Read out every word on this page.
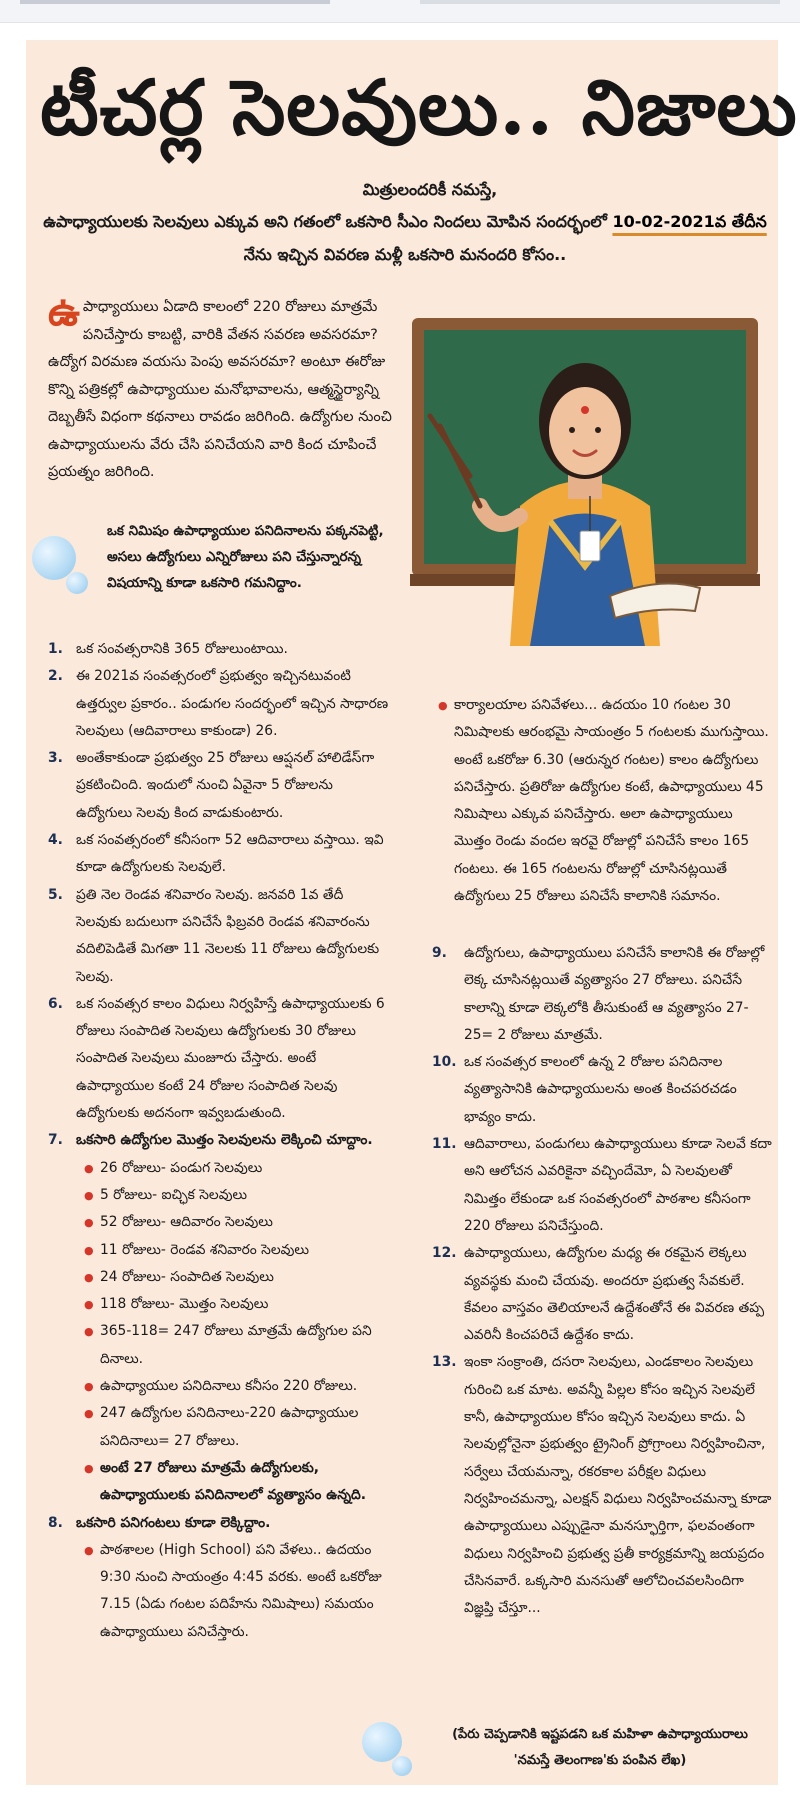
టీచర్ల సెలవులు.. నిజాలు
మిత్రులందరికీ నమస్తే,
ఉపాధ్యాయులకు సెలవులు ఎక్కువ అని గతంలో ఒకసారి సీఎం నిందలు మోపిన సందర్భంలో 10-02-2021వ తేదీన నేను ఇచ్చిన వివరణ మళ్లీ ఒకసారి మనందరి కోసం..

ఉపాధ్యాయులు ఏడాది కాలంలో 220 రోజులు మాత్రమే పనిచేస్తారు కాబట్టి, వారికి వేతన సవరణ అవసరమా? ఉద్యోగ విరమణ వయసు పెంపు అవసరమా? అంటూ ఈరోజు కొన్ని పత్రికల్లో ఉపాధ్యాయుల మనోభావాలను, ఆత్మస్థైర్యాన్ని దెబ్బతీసే విధంగా కథనాలు రావడం జరిగింది. ఉద్యోగుల నుంచి ఉపాధ్యాయులను వేరు చేసి పనిచేయని వారి కింద చూపించే ప్రయత్నం జరిగింది.

ఒక నిమిషం ఉపాధ్యాయుల పనిదినాలను పక్కనపెట్టి, అసలు ఉద్యోగులు ఎన్నిరోజులు పని చేస్తున్నారన్న విషయాన్ని కూడా ఒకసారి గమనిద్దాం.

1. ఒక సంవత్సరానికి 365 రోజులుంటాయి.
2. ఈ 2021వ సంవత్సరంలో ప్రభుత్వం ఇచ్చినటువంటి ఉత్తర్వుల ప్రకారం.. పండుగల సందర్భంలో ఇచ్చిన సాధారణ సెలవులు (ఆదివారాలు కాకుండా) 26.
3. అంతేకాకుండా ప్రభుత్వం 25 రోజులు ఆప్షనల్ హాలిడేస్‌గా ప్రకటించింది. ఇందులో నుంచి ఏవైనా 5 రోజులను ఉద్యోగులు సెలవు కింద వాడుకుంటారు.
4. ఒక సంవత్సరంలో కనీసంగా 52 ఆదివారాలు వస్తాయి. ఇవి కూడా ఉద్యోగులకు సెలవులే.
5. ప్రతి నెల రెండవ శనివారం సెలవు. జనవరి 1వ తేదీ సెలవుకు బదులుగా పనిచేసే ఫిబ్రవరి రెండవ శనివారంను వదిలిపెడితే మిగతా 11 నెలలకు 11 రోజులు ఉద్యోగులకు సెలవు.
6. ఒక సంవత్సర కాలం విధులు నిర్వహిస్తే ఉపాధ్యాయులకు 6 రోజులు సంపాదిత సెలవులు ఉద్యోగులకు 30 రోజులు సంపాదిత సెలవులు మంజూరు చేస్తారు. అంటే ఉపాధ్యాయుల కంటే 24 రోజుల సంపాదిత సెలవు ఉద్యోగులకు అదనంగా ఇవ్వబడుతుంది.
7. ఒకసారి ఉద్యోగుల మొత్తం సెలవులను లెక్కించి చూద్దాం.
● 26 రోజులు- పండుగ సెలవులు
● 5 రోజులు- ఐచ్ఛిక సెలవులు
● 52 రోజులు- ఆదివారం సెలవులు
● 11 రోజులు- రెండవ శనివారం సెలవులు
● 24 రోజులు- సంపాదిత సెలవులు
● 118 రోజులు- మొత్తం సెలవులు
● 365-118= 247 రోజులు మాత్రమే ఉద్యోగుల పని దినాలు.
● ఉపాధ్యాయుల పనిదినాలు కనీసం 220 రోజులు.
● 247 ఉద్యోగుల పనిదినాలు-220 ఉపాధ్యాయుల పనిదినాలు= 27 రోజులు.
● అంటే 27 రోజులు మాత్రమే ఉద్యోగులకు, ఉపాధ్యాయులకు పనిదినాలలో వ్యత్యాసం ఉన్నది.
8. ఒకసారి పనిగంటలు కూడా లెక్కిద్దాం.
● పాఠశాలల (High School) పని వేళలు.. ఉదయం 9:30 నుంచి సాయంత్రం 4:45 వరకు. అంటే ఒకరోజు 7.15 (ఏడు గంటల పదిహేను నిమిషాలు) సమయం ఉపాధ్యాయులు పనిచేస్తారు.

● కార్యాలయాల పనివేళలు... ఉదయం 10 గంటల 30 నిమిషాలకు ఆరంభమై సాయంత్రం 5 గంటలకు ముగుస్తాయి. అంటే ఒకరోజు 6.30 (ఆరున్నర గంటల) కాలం ఉద్యోగులు పనిచేస్తారు. ప్రతిరోజు ఉద్యోగుల కంటే, ఉపాధ్యాయులు 45 నిమిషాలు ఎక్కువ పనిచేస్తారు. అలా ఉపాధ్యాయులు మొత్తం రెండు వందల ఇరవై రోజుల్లో పనిచేసే కాలం 165 గంటలు. ఈ 165 గంటలను రోజుల్లో చూసినట్లయితే ఉద్యోగులు 25 రోజులు పనిచేసే కాలానికి సమానం.

9.	ఉద్యోగులు, ఉపాధ్యాయులు పనిచేసే కాలానికి ఈ రోజుల్లో లెక్క చూసినట్లయితే వ్యత్యాసం 27 రోజులు. పనిచేసే కాలాన్ని కూడా లెక్కలోకి తీసుకుంటే ఆ వ్యత్యాసం 27-25= 2 రోజులు మాత్రమే.
10. ఒక సంవత్సర కాలంలో ఉన్న 2 రోజుల పనిదినాల వ్యత్యాసానికి ఉపాధ్యాయులను అంత కించపరచడం భావ్యం కాదు.
11. ఆదివారాలు, పండుగలు ఉపాధ్యాయులు కూడా సెలవే కదా అని ఆలోచన ఎవరికైనా వచ్చిందేమో, ఏ సెలవులతో నిమిత్తం లేకుండా ఒక సంవత్సరంలో పాఠశాల కనీసంగా 220 రోజులు పనిచేస్తుంది.
12. ఉపాధ్యాయులు, ఉద్యోగుల మధ్య ఈ రకమైన లెక్కలు వ్యవస్థకు మంచి చేయవు. అందరూ ప్రభుత్వ సేవకులే. కేవలం వాస్తవం తెలియాలనే ఉద్దేశంతోనే ఈ వివరణ తప్ప ఎవరినీ కించపరిచే ఉద్దేశం కాదు.
13. ఇంకా సంక్రాంతి, దసరా సెలవులు, ఎండకాలం సెలవులు గురించి ఒక మాట. అవన్నీ పిల్లల కోసం ఇచ్చిన సెలవులే కానీ, ఉపాధ్యాయుల కోసం ఇచ్చిన సెలవులు కాదు. ఏ సెలవుల్లోనైనా ప్రభుత్వం ట్రైనింగ్ ప్రోగ్రాంలు నిర్వహించినా, సర్వేలు చేయమన్నా, రకరకాల పరీక్షల విధులు నిర్వహించమన్నా, ఎలక్షన్ విధులు నిర్వహించమన్నా కూడా ఉపాధ్యాయులు ఎప్పుడైనా మనస్ఫూర్తిగా, ఫలవంతంగా విధులు నిర్వహించి ప్రభుత్వ ప్రతీ కార్యక్రమాన్ని జయప్రదం చేసినవారే. ఒక్కసారి మనసుతో ఆలోచించవలసిందిగా విజ్ఞప్తి చేస్తూ...

(పేరు చెప్పడానికి ఇష్టపడని ఒక మహిళా ఉపాధ్యాయురాలు 'నమస్తే తెలంగాణ'కు పంపిన లేఖ)
